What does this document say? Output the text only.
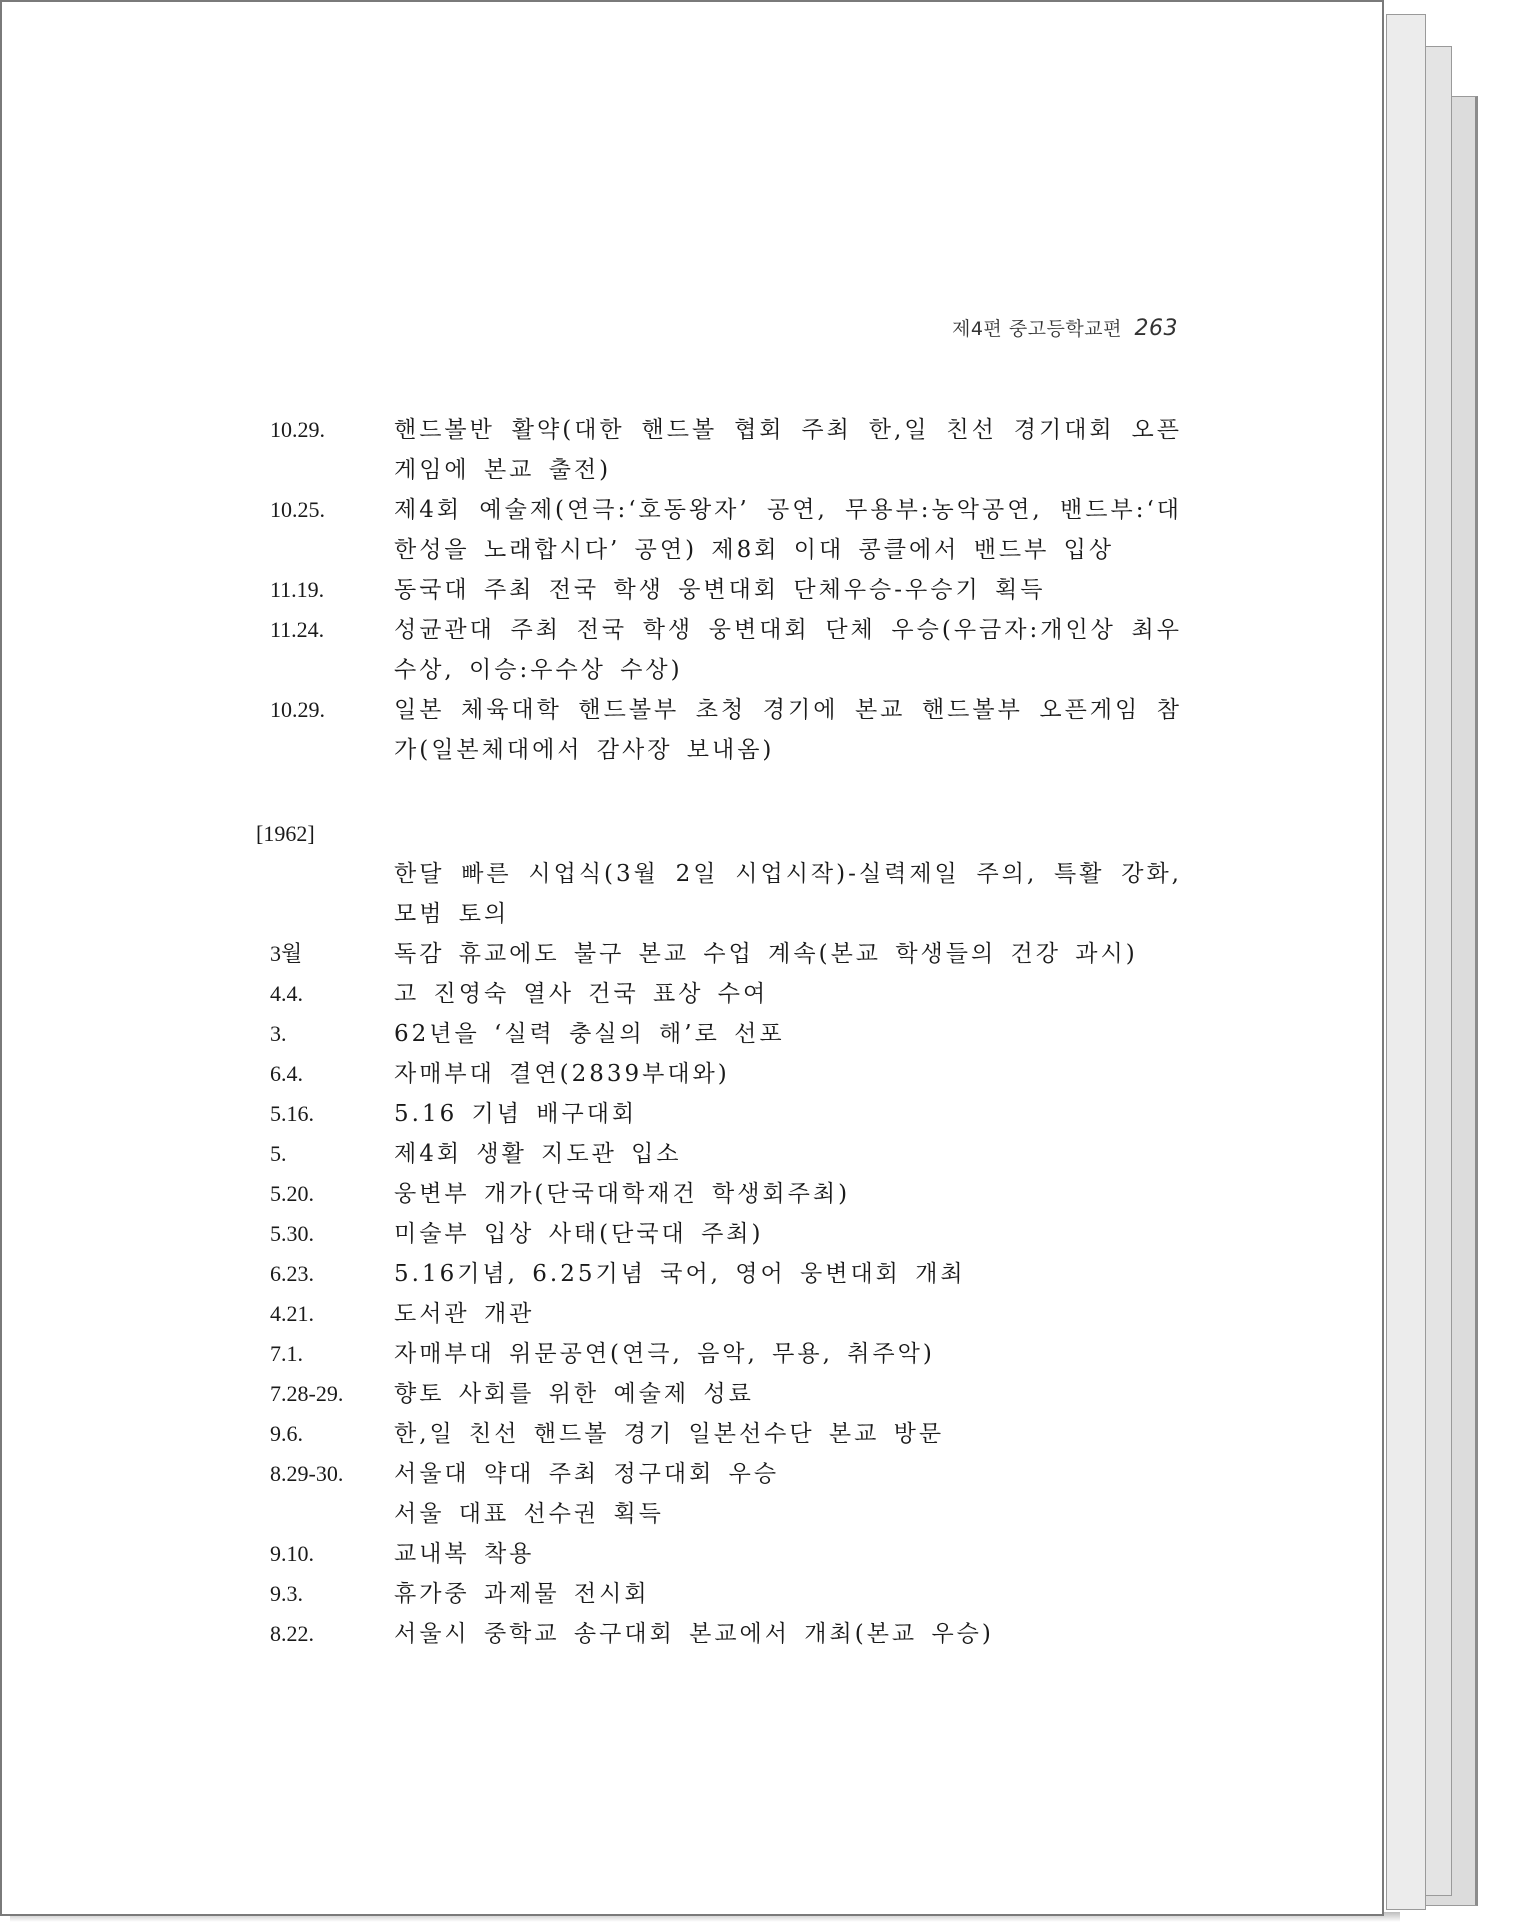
제4편 중고등학교편 263
10.29.	핸드볼반 활약(대한 핸드볼 협회 주최 한,일 친선 경기대회 오픈게임에 본교 출전)
10.25.	제4회 예술제(연극:‘호동왕자’ 공연, 무용부:농악공연, 밴드부:‘대한성을 노래합시다’ 공연) 제8회 이대 콩클에서 밴드부 입상
11.19.	동국대 주최 전국 학생 웅변대회 단체우승-우승기 획득
11.24.	성균관대 주최 전국 학생 웅변대회 단체 우승(우금자:개인상 최우수상, 이승:우수상 수상)
10.29.	일본 체육대학 핸드볼부 초청 경기에 본교 핸드볼부 오픈게임 참가(일본체대에서 감사장 보내옴)
[1962]
한달 빠른 시업식(3월 2일 시업시작)-실력제일 주의, 특활 강화, 모범 토의
3월	독감 휴교에도 불구 본교 수업 계속(본교 학생들의 건강 과시)
4.4.	고 진영숙 열사 건국 표상 수여
3.	62년을 ‘실력 충실의 해’로 선포
6.4.	자매부대 결연(2839부대와)
5.16.	5.16 기념 배구대회
5.	제4회 생활 지도관 입소
5.20.	웅변부 개가(단국대학재건 학생회주최)
5.30.	미술부 입상 사태(단국대 주최)
6.23.	5.16기념, 6.25기념 국어, 영어 웅변대회 개최
4.21.	도서관 개관
7.1.	자매부대 위문공연(연극, 음악, 무용, 취주악)
7.28-29.	향토 사회를 위한 예술제 성료
9.6.	한,일 친선 핸드볼 경기 일본선수단 본교 방문
8.29-30.	서울대 약대 주최 정구대회 우승
서울 대표 선수권 획득
9.10.	교내복 착용
9.3.	휴가중 과제물 전시회
8.22.	서울시 중학교 송구대회 본교에서 개최(본교 우승)
